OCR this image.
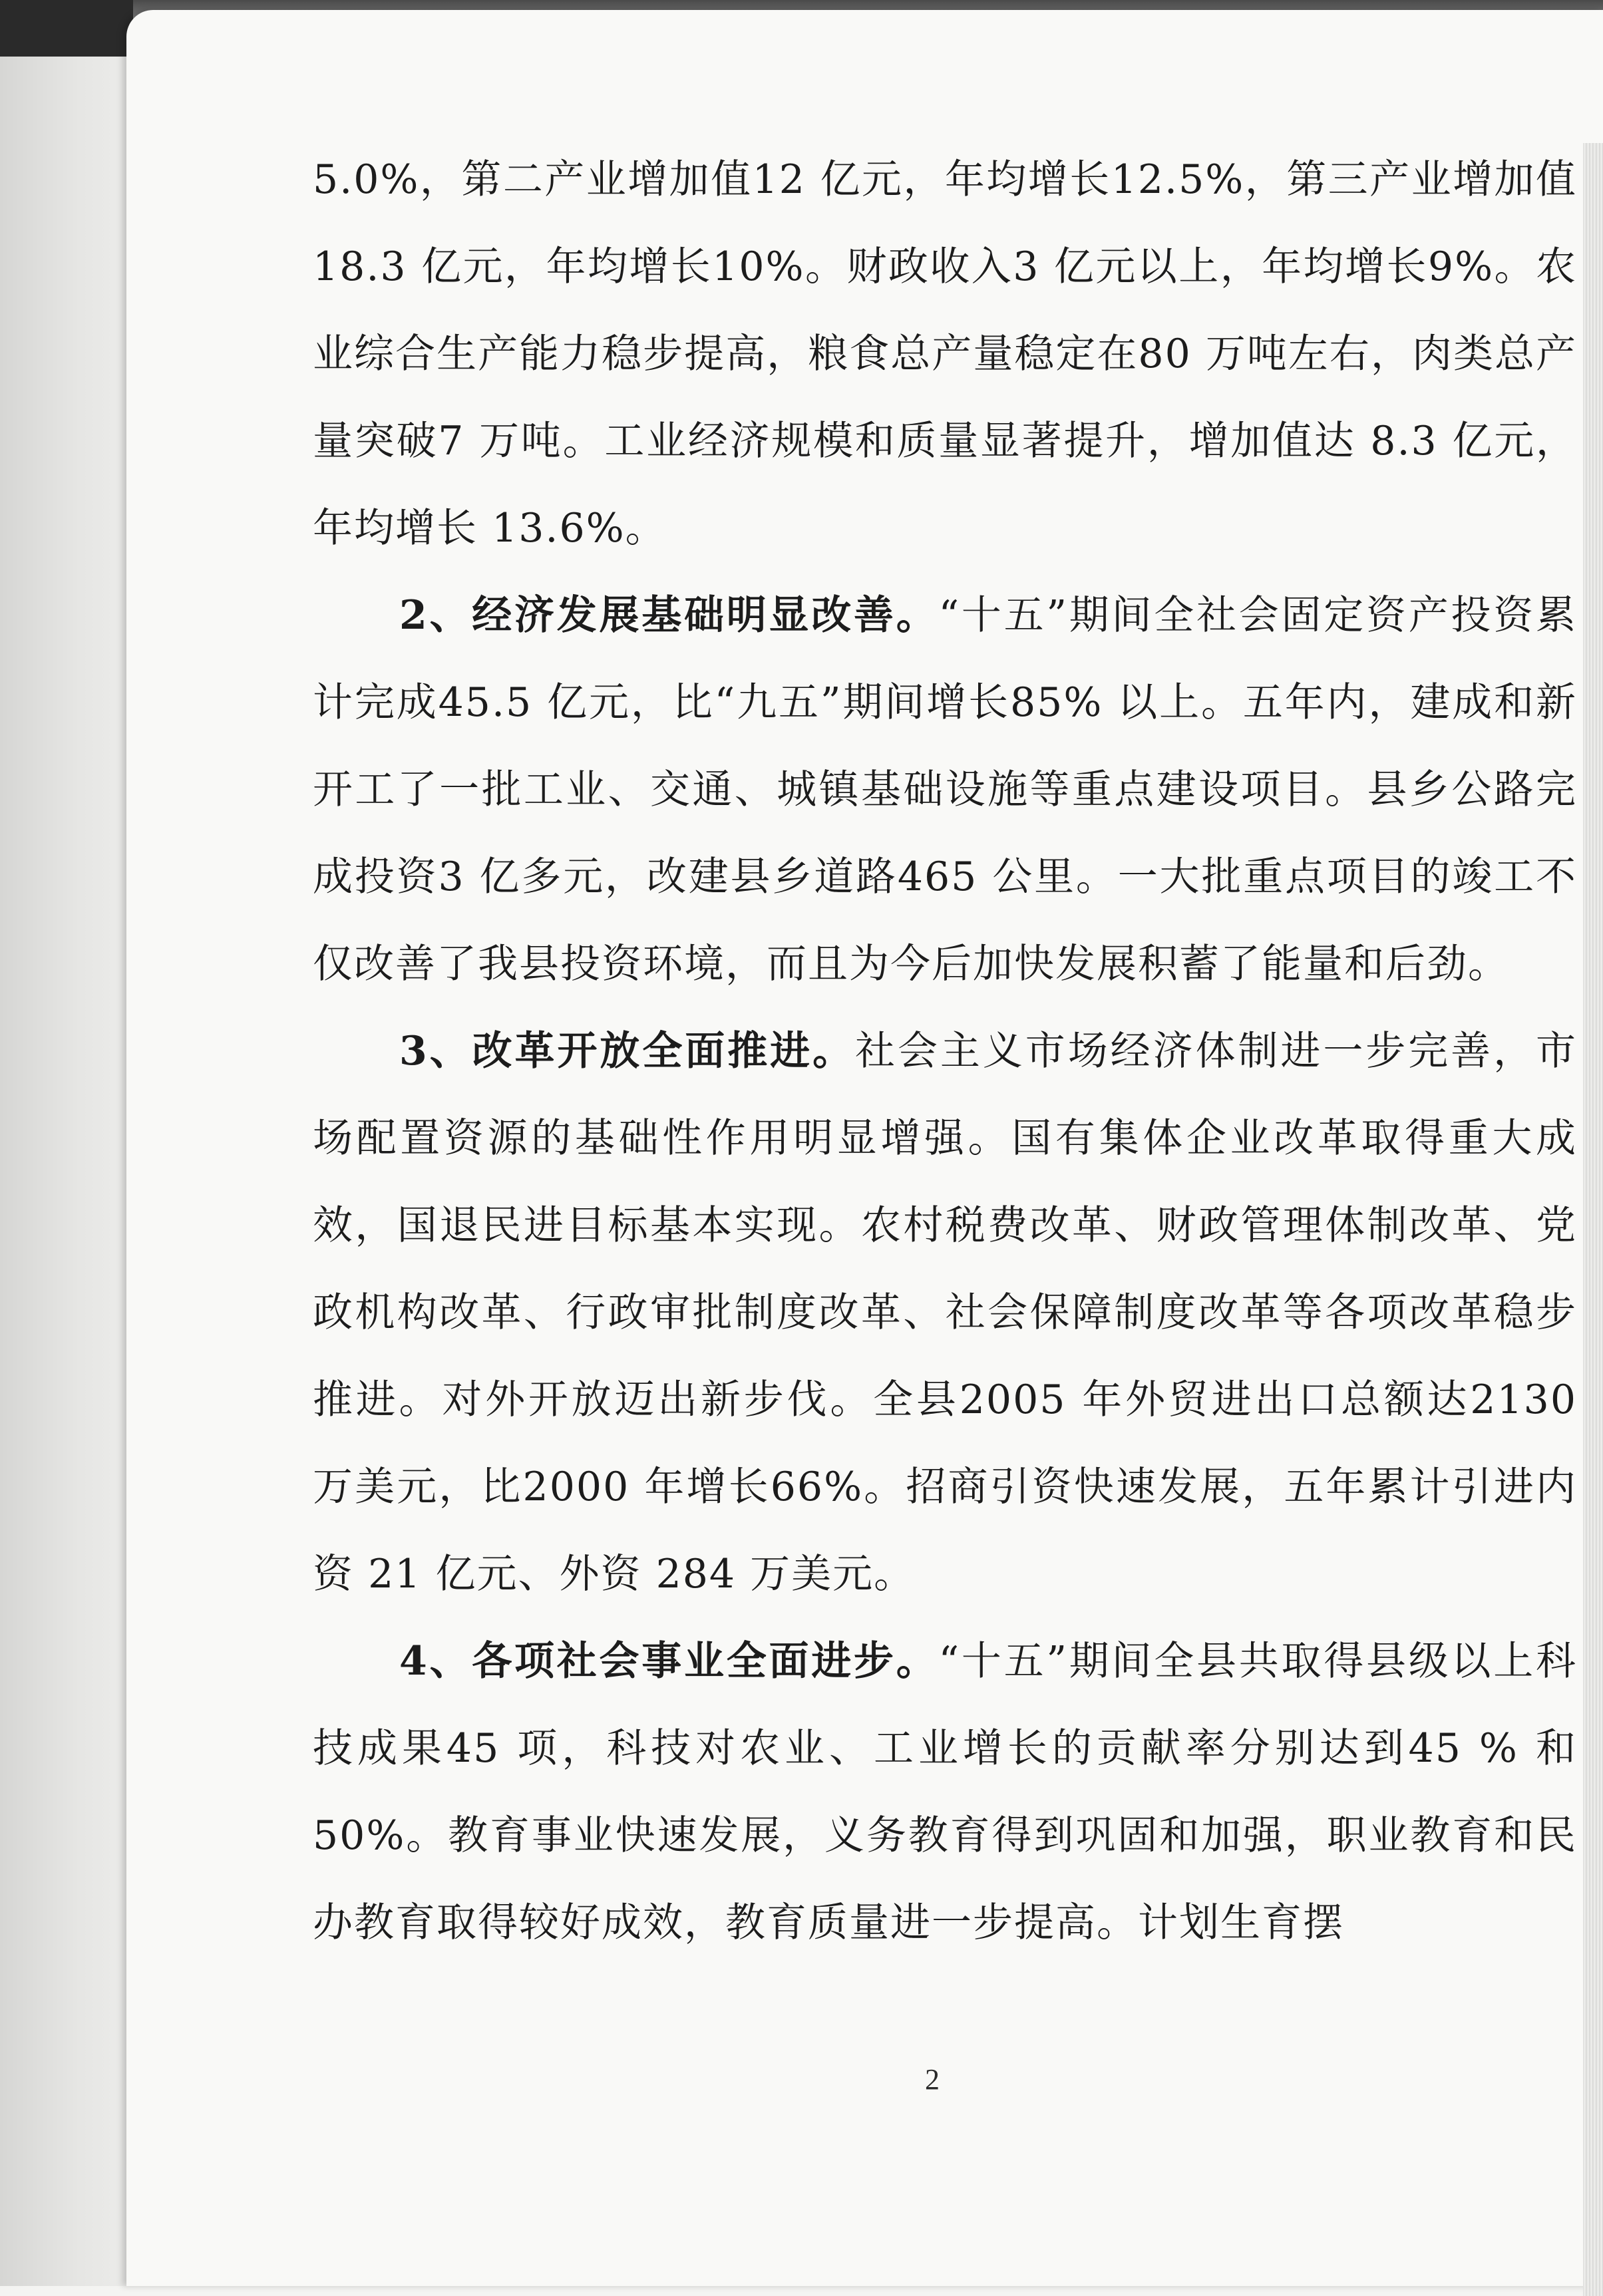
5.0%，第二产业增加值12 亿元，年均增长12.5%，第三产业增加值18.3 亿元，年均增长10%。财政收入3 亿元以上，年均增长9%。农业综合生产能力稳步提高，粮食总产量稳定在80 万吨左右，肉类总产量突破7 万吨。工业经济规模和质量显著提升，增加值达 8.3 亿元，年均增长 13.6%。

2、经济发展基础明显改善。“十五”期间全社会固定资产投资累计完成45.5 亿元，比“九五”期间增长85% 以上。五年内，建成和新开工了一批工业、交通、城镇基础设施等重点建设项目。县乡公路完成投资3 亿多元，改建县乡道路465 公里。一大批重点项目的竣工不仅改善了我县投资环境，而且为今后加快发展积蓄了能量和后劲。

3、改革开放全面推进。社会主义市场经济体制进一步完善，市场配置资源的基础性作用明显增强。国有集体企业改革取得重大成效，国退民进目标基本实现。农村税费改革、财政管理体制改革、党政机构改革、行政审批制度改革、社会保障制度改革等各项改革稳步推进。对外开放迈出新步伐。全县2005 年外贸进出口总额达2130 万美元，比2000 年增长66%。招商引资快速发展，五年累计引进内资 21 亿元、外资 284 万美元。

4、各项社会事业全面进步。“十五”期间全县共取得县级以上科技成果45 项，科技对农业、工业增长的贡献率分别达到45 % 和50%。教育事业快速发展，义务教育得到巩固和加强，职业教育和民办教育取得较好成效，教育质量进一步提高。计划生育摆

2
